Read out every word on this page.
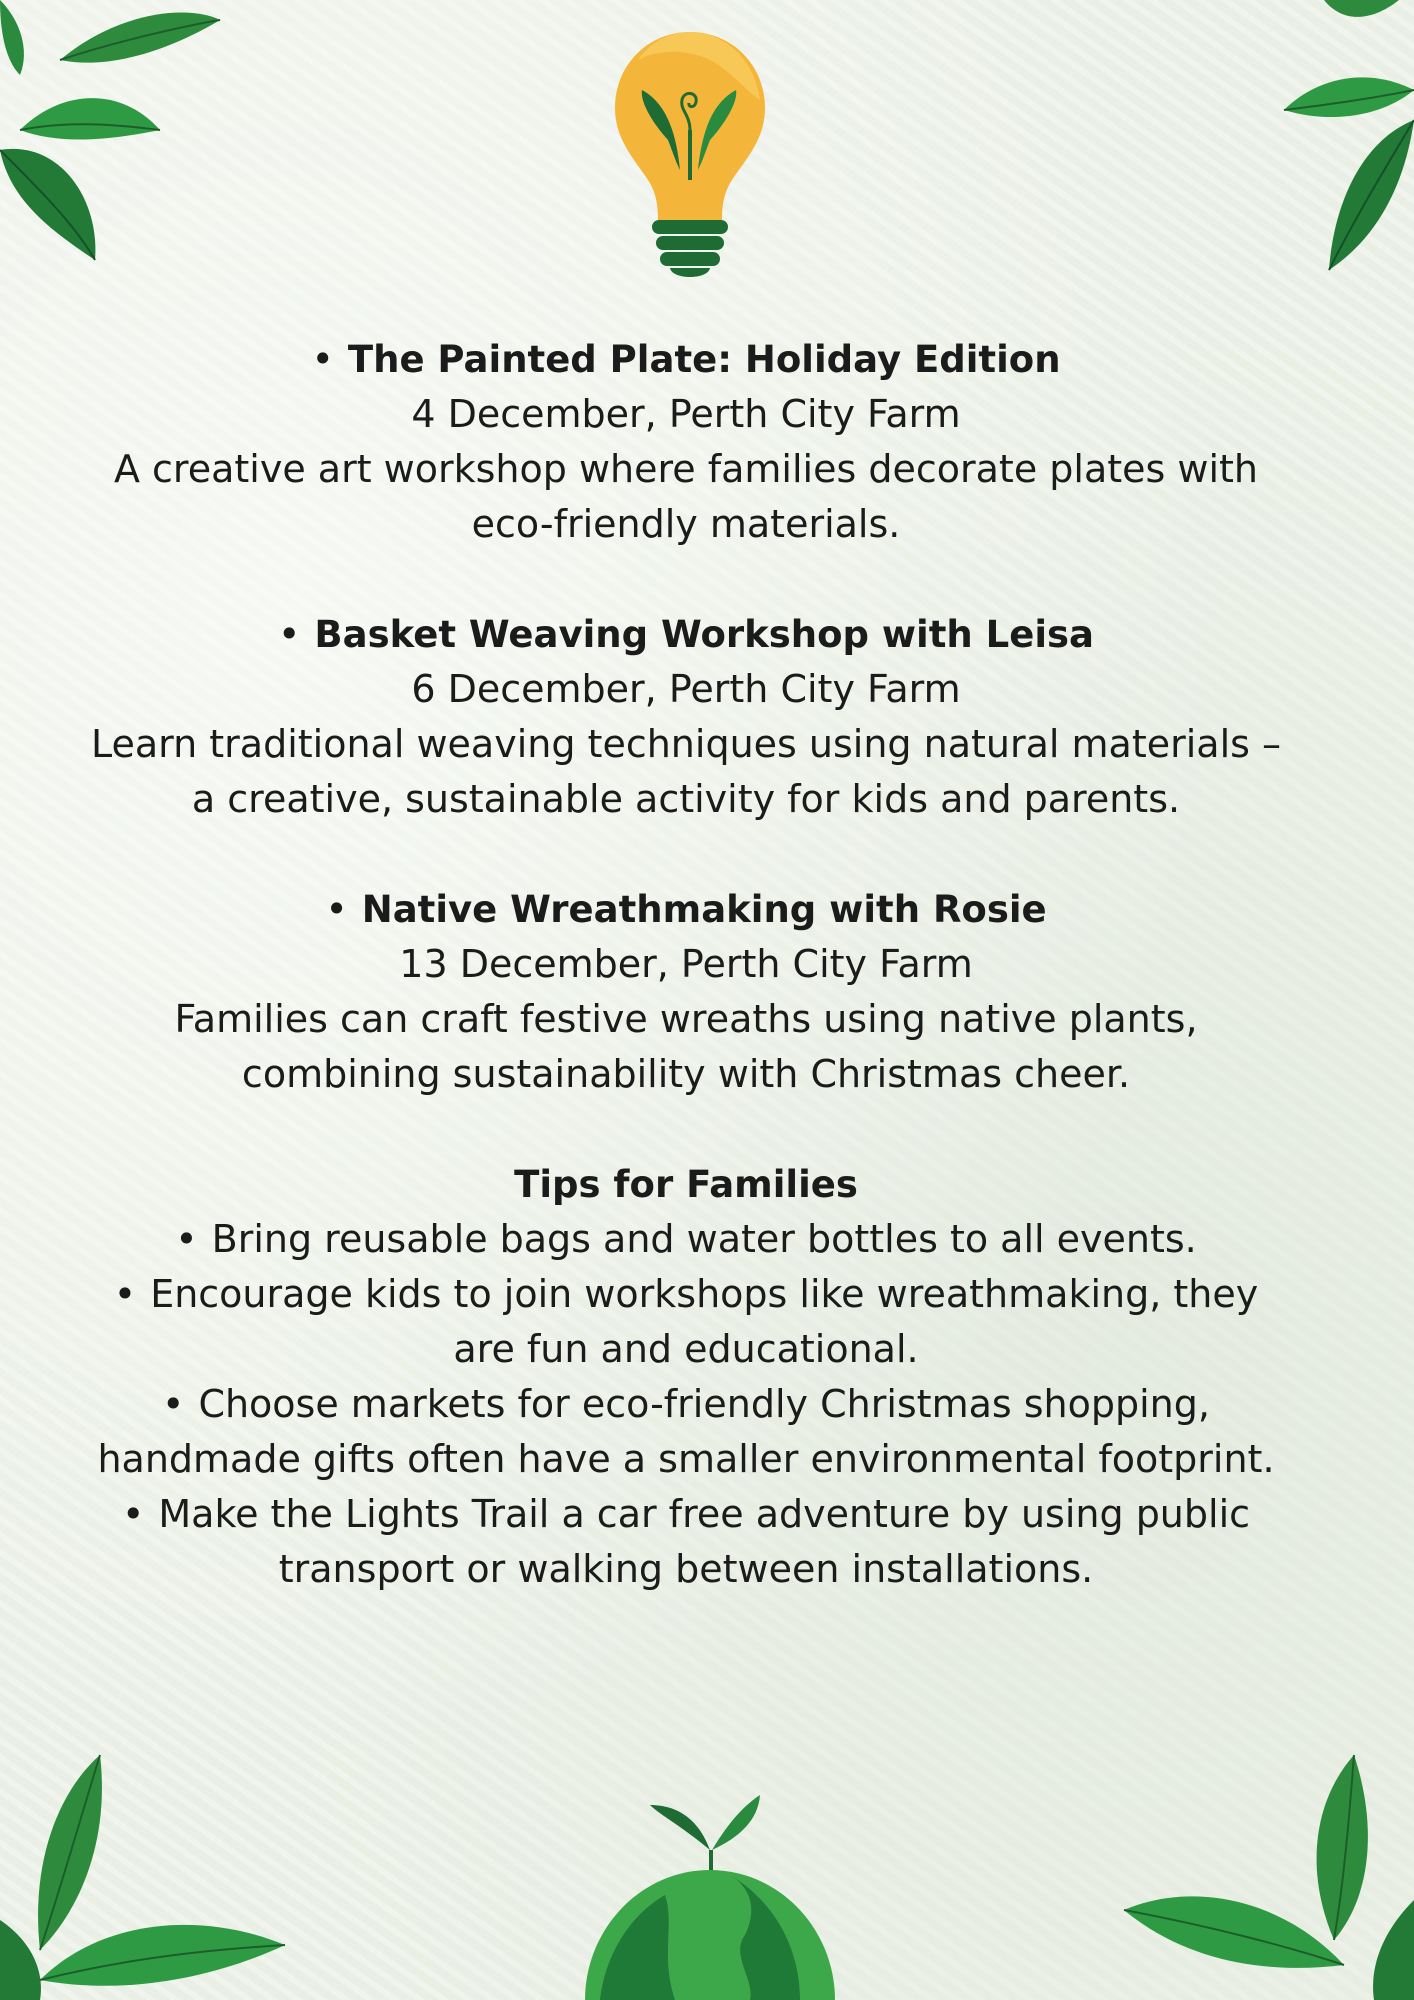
• The Painted Plate: Holiday Edition
4 December, Perth City Farm
A creative art workshop where families decorate plates with eco-friendly materials.
• Basket Weaving Workshop with Leisa
6 December, Perth City Farm
Learn traditional weaving techniques using natural materials – a creative, sustainable activity for kids and parents.
• Native Wreathmaking with Rosie
13 December, Perth City Farm
Families can craft festive wreaths using native plants, combining sustainability with Christmas cheer.
Tips for Families
• Bring reusable bags and water bottles to all events.
• Encourage kids to join workshops like wreathmaking, they are fun and educational.
• Choose markets for eco-friendly Christmas shopping, handmade gifts often have a smaller environmental footprint.
• Make the Lights Trail a car free adventure by using public transport or walking between installations.
